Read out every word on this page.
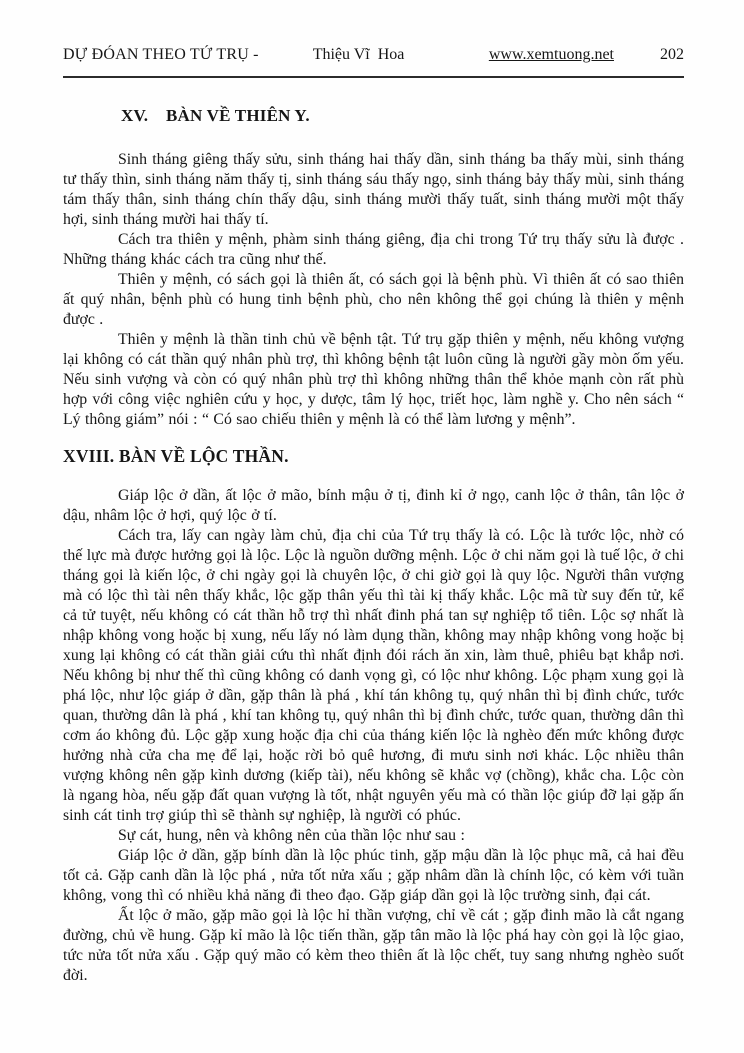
DỰ ĐÓAN THEO TỨ TRỤ -	Thiệu Vĩ  Hoa	www.xemtuong.net	202
XV.    BÀN VỀ THIÊN Y.

Sinh tháng giêng thấy sửu, sinh tháng hai thấy dần, sinh tháng ba thấy mùi, sinh tháng tư thấy thìn, sinh tháng năm thấy tị, sinh tháng sáu thấy ngọ, sinh tháng bảy thấy mùi, sinh tháng tám thấy thân, sinh tháng chín thấy dậu, sinh tháng mười thấy tuất, sinh tháng mười một thấy hợi, sinh tháng mười hai thấy tí.

Cách tra thiên y mệnh, phàm sinh tháng giêng, địa chi trong Tứ trụ thấy sửu là được . Những tháng khác cách tra cũng như thế.

Thiên y mệnh, có sách gọi là thiên ất, có sách gọi là bệnh phù. Vì thiên ất có sao thiên ất quý nhân, bệnh phù có hung tinh bệnh phù, cho nên không thể gọi chúng là thiên y mệnh được .

Thiên y mệnh là thần tinh chủ về bệnh tật. Tứ trụ gặp thiên y mệnh, nếu không vượng lại không có cát thần quý nhân phù trợ, thì không bệnh tật luôn cũng là người gầy mòn ốm yếu. Nếu sinh vượng và còn có quý nhân phù trợ thì không những thân thể khỏe mạnh còn rất phù hợp với công việc nghiên cứu y học, y dược, tâm lý học, triết học, làm nghề y. Cho nên sách “ Lý thông giám” nói : “ Có sao chiếu thiên y mệnh là có thể làm lương y mệnh”.

XVIII. BÀN VỀ LỘC THẦN.

Giáp lộc ở dần, ất lộc ở mão, bính mậu ở tị, đinh kỉ ở ngọ, canh lộc ở thân, tân lộc ở dậu, nhâm lộc ở hợi, quý lộc ở tí.

Cách tra, lấy can ngày làm chủ, địa chi của Tứ trụ thấy là có. Lộc là tước lộc, nhờ có thế lực mà được hưởng gọi là lộc. Lộc là nguồn dưỡng mệnh. Lộc ở chi năm gọi là tuế lộc, ở chi tháng gọi là kiến lộc, ở chi ngày gọi là chuyên lộc, ở chi giờ gọi là quy lộc. Người thân vượng mà có lộc thì tài nên thấy khắc, lộc gặp thân yếu thì tài kị thấy khắc. Lộc mã từ suy đến tử, kể cả tử tuyệt, nếu không có cát thần hỗ trợ thì nhất đinh phá tan sự nghiệp tổ tiên. Lộc sợ nhất là nhập không vong hoặc bị xung, nếu lấy nó làm dụng thần, không may nhập không vong hoặc bị xung lại không có cát thần giải cứu thì nhất định đói rách ăn xin, làm thuê, phiêu bạt khắp nơi. Nếu không bị như thế thì cũng không có danh vọng gì, có lộc như không. Lộc phạm xung gọi là phá lộc, như lộc giáp ở dần, gặp thân là phá , khí tán không tụ, quý nhân thì bị đình chức, tước quan, thường dân là phá , khí tan không tụ, quý nhân thì bị đình chức, tước quan, thường dân thì cơm áo không đủ. Lộc gặp xung hoặc địa chi của tháng kiến lộc là nghèo đến mức không được hưởng nhà cửa cha mẹ để lại, hoặc rời bỏ quê hương, đi mưu sinh nơi khác. Lộc nhiều thân vượng không nên gặp kình dương (kiếp tài), nếu không sẽ khắc vợ (chồng), khắc cha. Lộc còn là ngang hòa, nếu gặp đất quan vượng là tốt, nhật nguyên yếu mà có thần lộc giúp đỡ lại gặp ấn sinh cát tinh trợ giúp thì sẽ thành sự nghiệp, là người có phúc.

Sự cát, hung, nên và không nên của thần lộc như sau :

Giáp lộc ở dần, gặp bính dần là lộc phúc tinh, gặp mậu dần là lộc phục mã, cả hai đều tốt cả. Gặp canh dần là lộc phá , nửa tốt nửa xấu ; gặp nhâm dần là chính lộc, có kèm với tuần không, vong thì có nhiều khả năng đi theo đạo. Gặp giáp dần gọi là lộc trường sinh, đại cát.

Ất lộc ở mão, gặp mão gọi là lộc hỉ thần vượng, chỉ về cát ; gặp đinh mão là cắt ngang đường, chủ về hung. Gặp kỉ mão là lộc tiến thần, gặp tân mão là lộc phá hay còn gọi là lộc giao, tức nửa tốt nửa xấu . Gặp quý mão có kèm theo thiên ất là lộc chết, tuy sang nhưng nghèo suốt đời.
